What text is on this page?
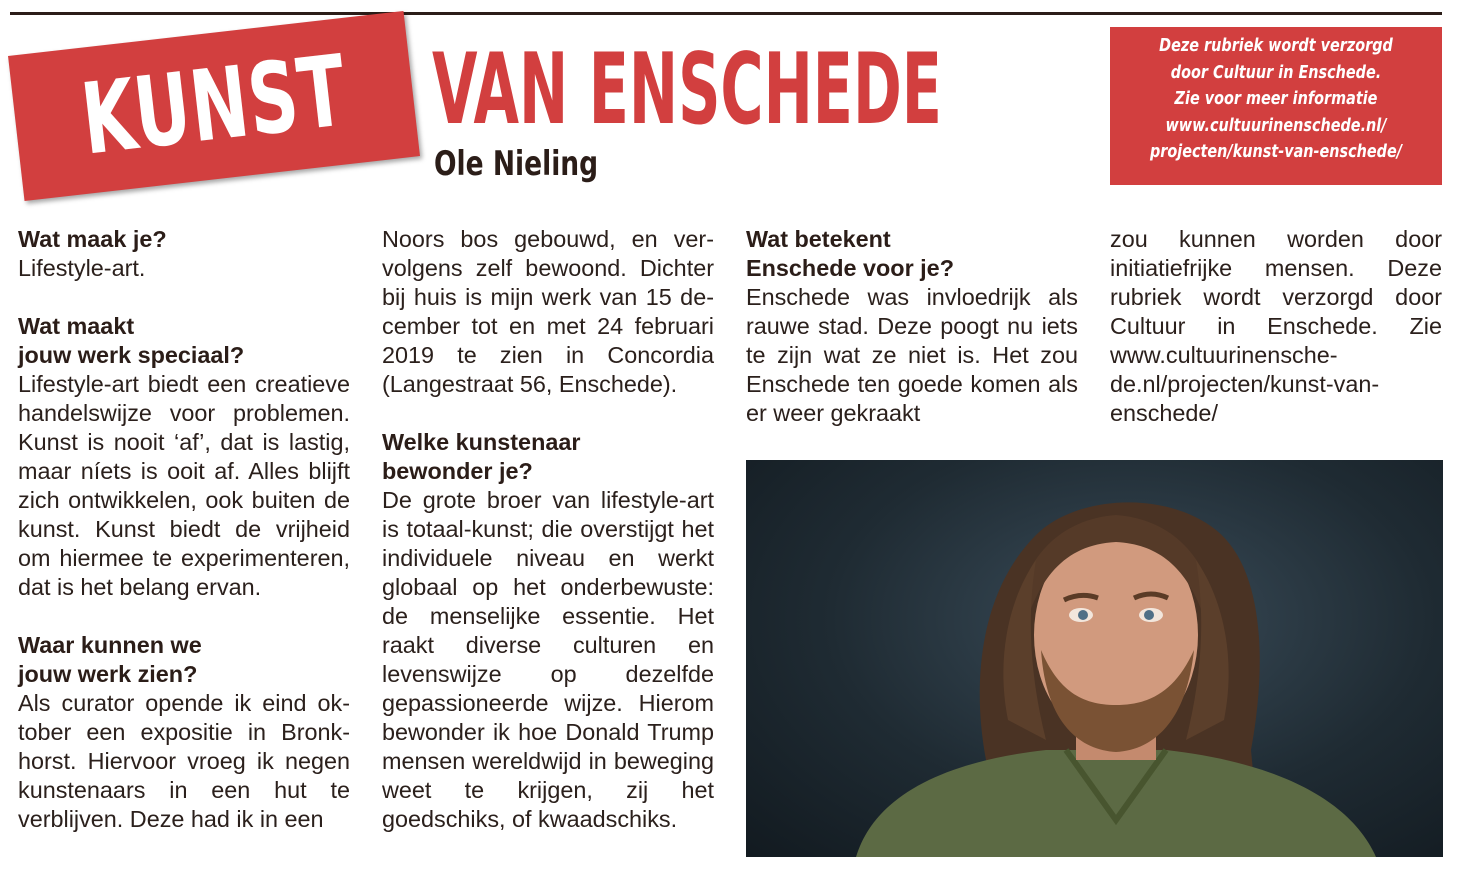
KUNST VAN ENSCHEDE
Ole Nieling
Deze rubriek wordt verzorgd
door Cultuur in Enschede.
Zie voor meer informatie
www.cultuurinenschede.nl/
projecten/kunst-van-enschede/
Wat maak je?

Lifestyle-art.

Wat maakt
jouw werk speciaal?

Lifestyle-art biedt een creatieve handelswijze voor problemen. Kunst is nooit ‘af’, dat is lastig, maar níets is ooit af. Alles blijft zich ontwikkelen, ook buiten de kunst. Kunst biedt de vrijheid om hiermee te experimenteren, dat is het belang ervan.

Waar kunnen we
jouw werk zien?

Als curator opende ik eind oktober een expositie in Bronkhorst. Hiervoor vroeg ik negen kunstenaars in een hut te verblijven. Deze had ik in een

Noors bos gebouwd, en vervolgens zelf bewoond. Dichter bij huis is mijn werk van 15 december tot en met 24 februari 2019 te zien in Concordia (Langestraat 56, Enschede).

Welke kunstenaar
bewonder je?

De grote broer van lifestyle-art is totaal-kunst; die overstijgt het individuele niveau en werkt globaal op het onderbewuste: de menselijke essentie. Het raakt diverse culturen en levenswijze op dezelfde gepassioneerde wijze. Hierom bewonder ik hoe Donald Trump mensen wereldwijd in beweging weet te krijgen, zij het goedschiks, of kwaadschiks.

Wat betekent
Enschede voor je?

Enschede was invloedrijk als rauwe stad. Deze poogt nu iets te zijn wat ze niet is. Het zou Enschede ten goede komen als er weer gekraakt

zou kunnen worden door initiatiefrijke mensen. Deze rubriek wordt verzorgd door Cultuur in Enschede. Zie www.cultuurinenschede.nl/projecten/kunst-vanenschede/
